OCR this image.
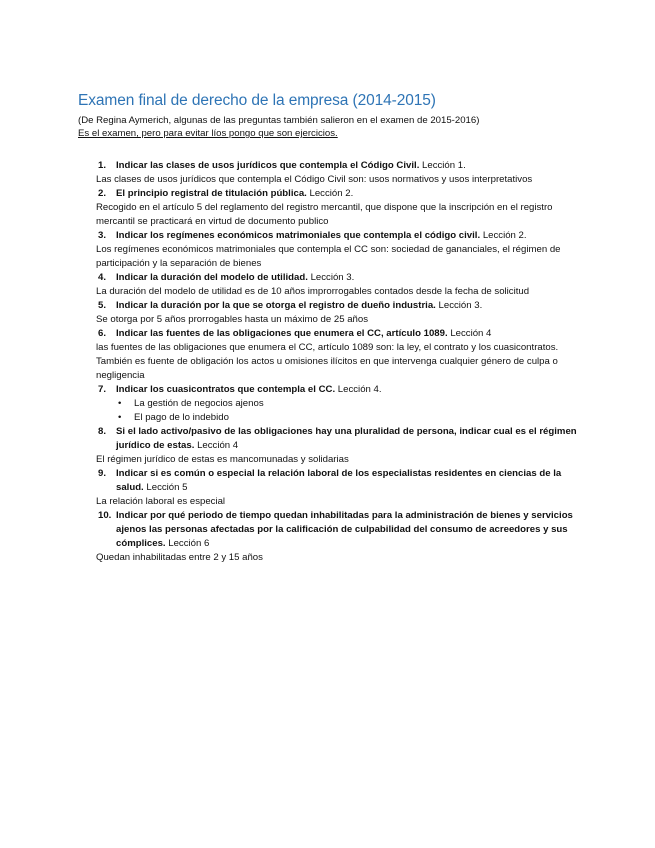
Examen final de derecho de la empresa (2014-2015)

(De Regina Aymerich, algunas de las preguntas también salieron en el examen de 2015-2016)

Es el examen, pero para evitar líos pongo que son ejercicios.

1. Indicar las clases de usos jurídicos que contempla el Código Civil. Lección 1.
Las clases de usos jurídicos que contempla el Código Civil son: usos normativos y usos interpretativos
2. El principio registral de titulación pública. Lección 2.
Recogido en el artículo 5 del reglamento del registro mercantil, que dispone que la inscripción en el registro mercantil se practicará en virtud de documento publico
3. Indicar los regímenes económicos matrimoniales que contempla el código civil. Lección 2.
Los regímenes económicos matrimoniales que contempla el CC son: sociedad de gananciales, el régimen de participación y la separación de bienes
4. Indicar la duración del modelo de utilidad. Lección 3.
La duración del modelo de utilidad es de 10 años improrrogables contados desde la fecha de solicitud
5. Indicar la duración por la que se otorga el registro de dueño industria. Lección 3.
Se otorga por 5 años prorrogables hasta un máximo de 25 años
6. Indicar las fuentes de las obligaciones que enumera el CC, artículo 1089. Lección 4
las fuentes de las obligaciones que enumera el CC, artículo 1089 son: la ley, el contrato y los cuasicontratos. También es fuente de obligación los actos u omisiones ilícitos en que intervenga cualquier género de culpa o negligencia
7. Indicar los cuasicontratos que contempla el CC. Lección 4.
• La gestión de negocios ajenos
• El pago de lo indebido
8. Si el lado activo/pasivo de las obligaciones hay una pluralidad de persona, indicar cual es el régimen jurídico de estas. Lección 4
El régimen jurídico de estas es mancomunadas y solidarias
9. Indicar si es común o especial la relación laboral de los especialistas residentes en ciencias de la salud. Lección 5
La relación laboral es especial
10. Indicar por qué periodo de tiempo quedan inhabilitadas para la administración de bienes y servicios ajenos las personas afectadas por la calificación de culpabilidad del consumo de acreedores y sus cómplices. Lección 6
Quedan inhabilitadas entre 2 y 15 años
